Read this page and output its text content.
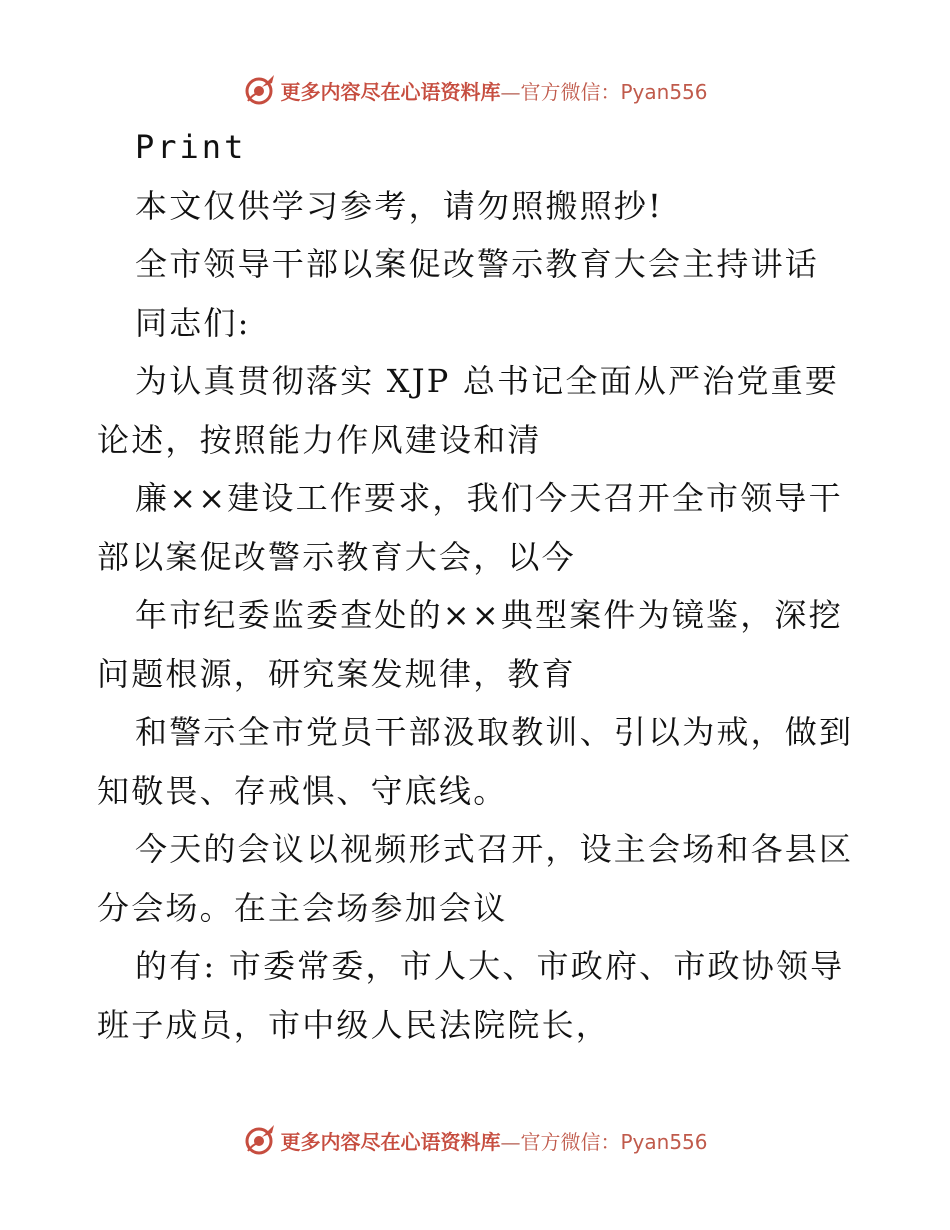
更多内容尽在心语资料库—官方微信：Pyan556
Print
本文仅供学习参考，请勿照搬照抄!
全市领导干部以案促改警示教育大会主持讲话
同志们:
为认真贯彻落实 XJP 总书记全面从严治党重要
论述，按照能力作风建设和清
廉××建设工作要求，我们今天召开全市领导干
部以案促改警示教育大会，以今
年市纪委监委查处的××典型案件为镜鉴，深挖
问题根源，研究案发规律，教育
和警示全市党员干部汲取教训、引以为戒，做到
知敬畏、存戒惧、守底线。
今天的会议以视频形式召开，设主会场和各县区
分会场。在主会场参加会议
的有: 市委常委，市人大、市政府、市政协领导
班子成员，市中级人民法院院长，
更多内容尽在心语资料库—官方微信：Pyan556
